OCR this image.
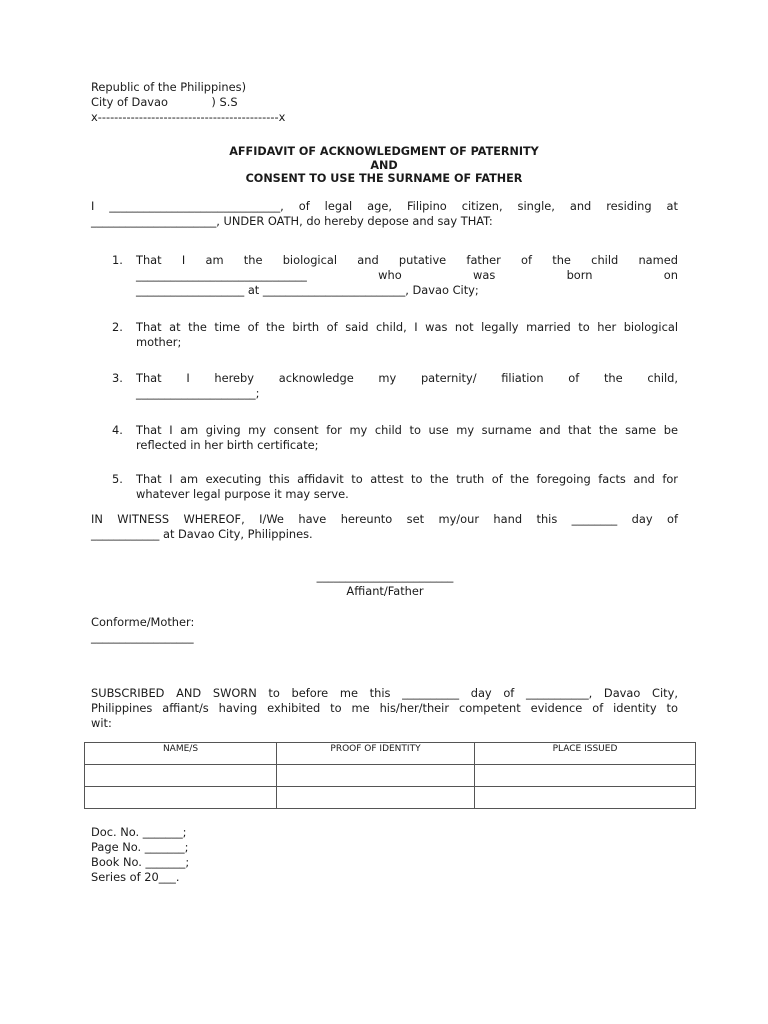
Republic of the Philippines)
City of Davao            ) S.S
x--------------------------------------------x
AFFIDAVIT OF ACKNOWLEDGMENT OF PATERNITY
AND
CONSENT TO USE THE SURNAME OF FATHER
I ______________________________, of legal age, Filipino citizen, single, and residing at
______________________, UNDER OATH, do hereby depose and say THAT:
1. That I am the biological and putative father of the child named
______________________________ who was born on
___________________ at _________________________, Davao City;
2. That at the time of the birth of said child, I was not legally married to her biological
mother;
3. That I hereby acknowledge my paternity/ filiation of the child,
_____________________;
4. That I am giving my consent for my child to use my surname and that the same be
reflected in her birth certificate;
5. That I am executing this affidavit to attest to the truth of the foregoing facts and for
whatever legal purpose it may serve.
IN WITNESS WHEREOF, I/We have hereunto set my/our hand this ________ day of
____________ at Davao City, Philippines.
________________________
Affiant/Father
Conforme/Mother:
__________________
SUBSCRIBED AND SWORN to before me this __________ day of ___________, Davao City,
Philippines affiant/s having exhibited to me his/her/their competent evidence of identity to
wit:
NAME/S	PROOF OF IDENTITY	PLACE ISSUED

Doc. No. _______;
Page No. _______;
Book No. _______;
Series of 20___.
